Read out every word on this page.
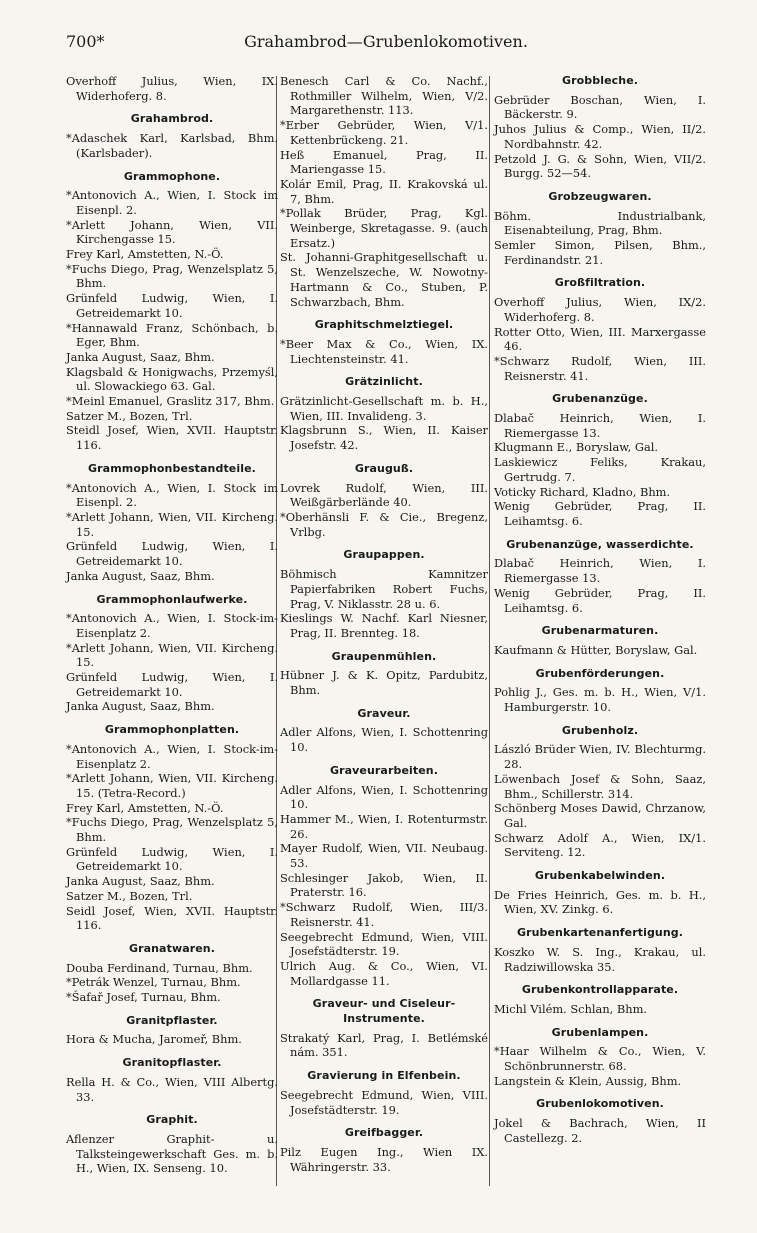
700*	Grahambrod—Grubenlokomotiven.

Overhoff Julius, Wien, IX. Widerhoferg. 8.

Grahambrod.

*Adaschek Karl, Karlsbad, Bhm. (Karlsbader).

Grammophone.

*Antonovich A., Wien, I. Stock im Eisenpl. 2.

*Arlett Johann, Wien, VII. Kirchengasse 15.

Frey Karl, Amstetten, N.-Ö.

*Fuchs Diego, Prag, Wenzelsplatz 5, Bhm.

Grünfeld Ludwig, Wien, I. Getreidemarkt 10.

*Hannawald Franz, Schönbach, b. Eger, Bhm.

Janka August, Saaz, Bhm.

Klagsbald & Honigwachs, Przemyśl, ul. Slowackiego 63. Gal.

*Meinl Emanuel, Graslitz 317, Bhm.

Satzer M., Bozen, Trl.

Steidl Josef, Wien, XVII. Hauptstr. 116.

Grammophonbestandteile.

*Antonovich A., Wien, I. Stock im Eisenpl. 2.

*Arlett Johann, Wien, VII. Kircheng. 15.

Grünfeld Ludwig, Wien, I. Getreidemarkt 10.

Janka August, Saaz, Bhm.

Grammophonlaufwerke.

*Antonovich A., Wien, I. Stock-im-Eisenplatz 2.

*Arlett Johann, Wien, VII. Kircheng. 15.

Grünfeld Ludwig, Wien, I. Getreidemarkt 10.

Janka August, Saaz, Bhm.

Grammophonplatten.

*Antonovich A., Wien, I. Stock-im-Eisenplatz 2.

*Arlett Johann, Wien, VII. Kircheng. 15. (Tetra-Record.)

Frey Karl, Amstetten, N.-Ö.

*Fuchs Diego, Prag, Wenzelsplatz 5, Bhm.

Grünfeld Ludwig, Wien, I. Getreidemarkt 10.

Janka August, Saaz, Bhm.

Satzer M., Bozen, Trl.

Seidl Josef, Wien, XVII. Hauptstr. 116.

Granatwaren.

Douba Ferdinand, Turnau, Bhm.

*Petrák Wenzel, Turnau, Bhm.

*Šafař Josef, Turnau, Bhm.

Granitpflaster.

Hora & Mucha, Jaromeř, Bhm.

Granitopflaster.

Rella H. & Co., Wien, VIII Albertg. 33.

Graphit.

Aflenzer Graphit- u. Talksteingewerkschaft Ges. m. b. H., Wien, IX. Senseng. 10.

Benesch Carl & Co. Nachf., Rothmiller Wilhelm, Wien, V/2. Margarethenstr. 113.

*Erber Gebrüder, Wien, V/1. Kettenbrückeng. 21.

Heß Emanuel, Prag, II. Mariengasse 15.

Kolár Emil, Prag, II. Krakovská ul. 7, Bhm.

*Pollak Brüder, Prag, Kgl. Weinberge, Skretagasse. 9. (auch Ersatz.)

St. Johanni-Graphitgesellschaft u. St. Wenzelszeche, W. Nowotny-Hartmann & Co., Stuben, P. Schwarzbach, Bhm.

Graphitschmelztiegel.

*Beer Max & Co., Wien, IX. Liechtensteinstr. 41.

Grätzinlicht.

Grätzinlicht-Gesellschaft m. b. H., Wien, III. Invalideng. 3.

Klagsbrunn S., Wien, II. Kaiser Josefstr. 42.

Grauguß.

Lovrek Rudolf, Wien, III. Weißgärberlände 40.

*Oberhänsli F. & Cie., Bregenz, Vrlbg.

Graupappen.

Böhmisch Kamnitzer Papierfabriken Robert Fuchs, Prag, V. Niklasstr. 28 u. 6.

Kieslings W. Nachf. Karl Niesner, Prag, II. Brennteg. 18.

Graupenmühlen.

Hübner J. & K. Opitz, Pardubitz, Bhm.

Graveur.

Adler Alfons, Wien, I. Schottenring 10.

Graveurarbeiten.

Adler Alfons, Wien, I. Schottenring 10.

Hammer M., Wien, I. Rotenturmstr. 26.

Mayer Rudolf, Wien, VII. Neubaug. 53.

Schlesinger Jakob, Wien, II. Praterstr. 16.

*Schwarz Rudolf, Wien, III/3. Reisnerstr. 41.

Seegebrecht Edmund, Wien, VIII. Josefstädterstr. 19.

Ulrich Aug. & Co., Wien, VI. Mollardgasse 11.

Graveur- und Ciseleur-Instrumente.

Strakatý Karl, Prag, I. Betlémské nám. 351.

Gravierung in Elfenbein.

Seegebrecht Edmund, Wien, VIII. Josefstädterstr. 19.

Greifbagger.

Pilz Eugen Ing., Wien IX. Währingerstr. 33.

Grobbleche.

Gebrüder Boschan, Wien, I. Bäckerstr. 9.

Juhos Julius & Comp., Wien, II/2. Nordbahnstr. 42.

Petzold J. G. & Sohn, Wien, VII/2. Burgg. 52—54.

Grobzeugwaren.

Böhm. Industrialbank, Eisenabteilung, Prag, Bhm.

Semler Simon, Pilsen, Bhm., Ferdinandstr. 21.

Großfiltration.

Overhoff Julius, Wien, IX/2. Widerhoferg. 8.

Rotter Otto, Wien, III. Marxergasse 46.

*Schwarz Rudolf, Wien, III. Reisnerstr. 41.

Grubenanzüge.

Dlabač Heinrich, Wien, I. Riemergasse 13.

Klugmann E., Boryslaw, Gal.

Laskiewicz Feliks, Krakau, Gertrudg. 7.

Voticky Richard, Kladno, Bhm.

Wenig Gebrüder, Prag, II. Leihamtsg. 6.

Grubenanzüge, wasserdichte.

Dlabač Heinrich, Wien, I. Riemergasse 13.

Wenig Gebrüder, Prag, II. Leihamtsg. 6.

Grubenarmaturen.

Kaufmann & Hütter, Boryslaw, Gal.

Grubenförderungen.

Pohlig J., Ges. m. b. H., Wien, V/1. Hamburgerstr. 10.

Grubenholz.

László Brüder Wien, IV. Blechturmg. 28.

Löwenbach Josef & Sohn, Saaz, Bhm., Schillerstr. 314.

Schönberg Moses Dawid, Chrzanow, Gal.

Schwarz Adolf A., Wien, IX/1. Serviteng. 12.

Grubenkabelwinden.

De Fries Heinrich, Ges. m. b. H., Wien, XV. Zinkg. 6.

Grubenkartenanfertigung.

Koszko W. S. Ing., Krakau, ul. Radziwillowska 35.

Grubenkontrollapparate.

Michl Vilém. Schlan, Bhm.

Grubenlampen.

*Haar Wilhelm & Co., Wien, V. Schönbrunnerstr. 68.

Langstein & Klein, Aussig, Bhm.

Grubenlokomotiven.

Jokel & Bachrach, Wien, II Castellezg. 2.
